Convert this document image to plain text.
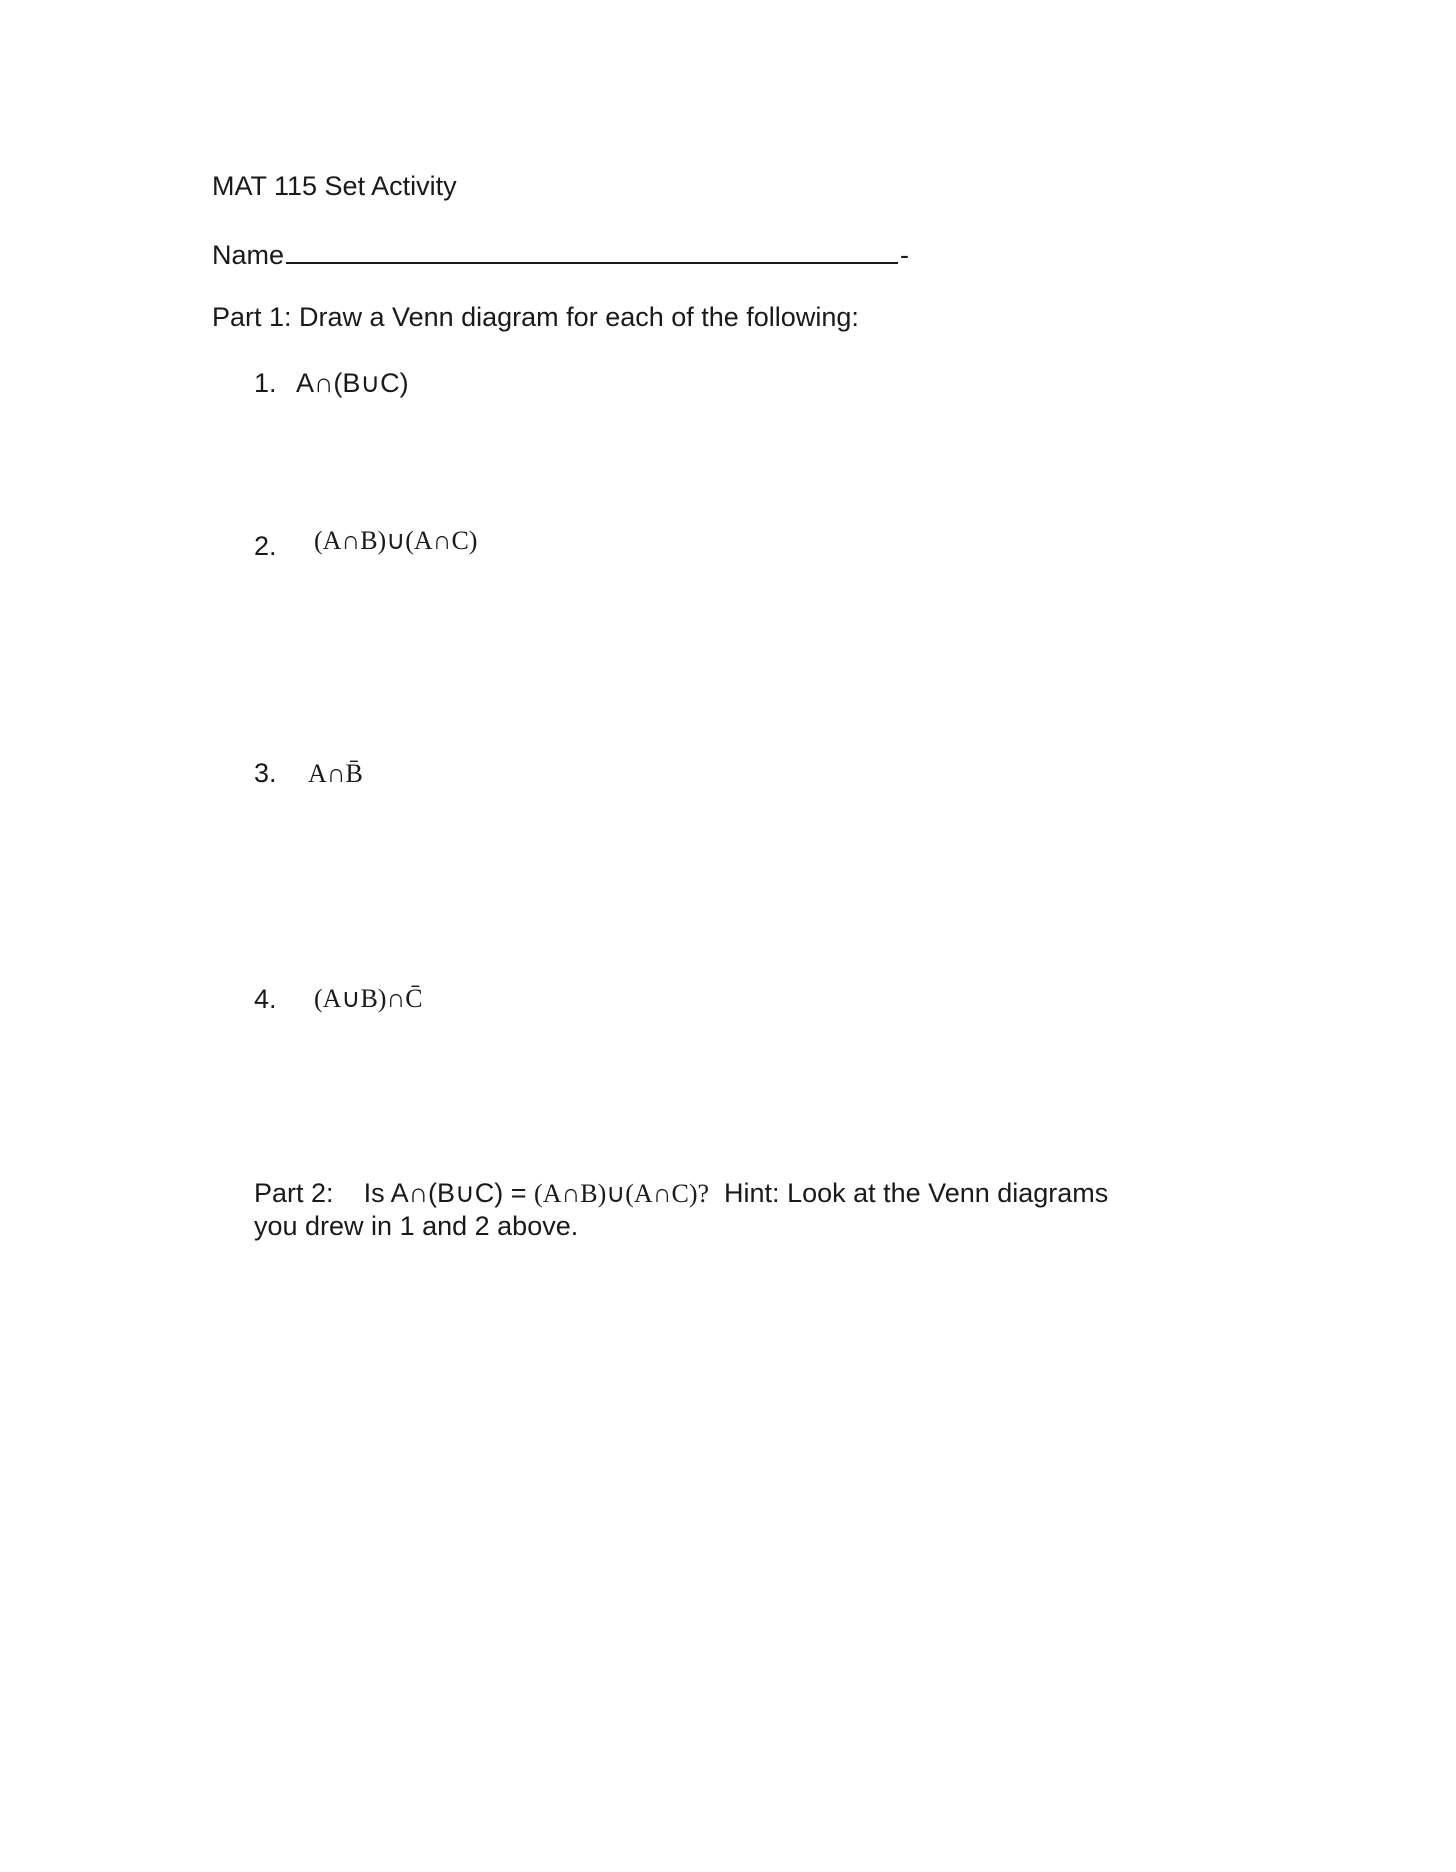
MAT 115 Set Activity
Name	-
Part 1: Draw a Venn diagram for each of the following:
1. A∩(B∪C)
2. (A∩B)∪(A∩C)
3. A∩B̄
4. (A∪B)∩C̄
Part 2: Is A∩(B∪C) = (A∩B)∪(A∩C)? Hint: Look at the Venn diagrams
you drew in 1 and 2 above.
